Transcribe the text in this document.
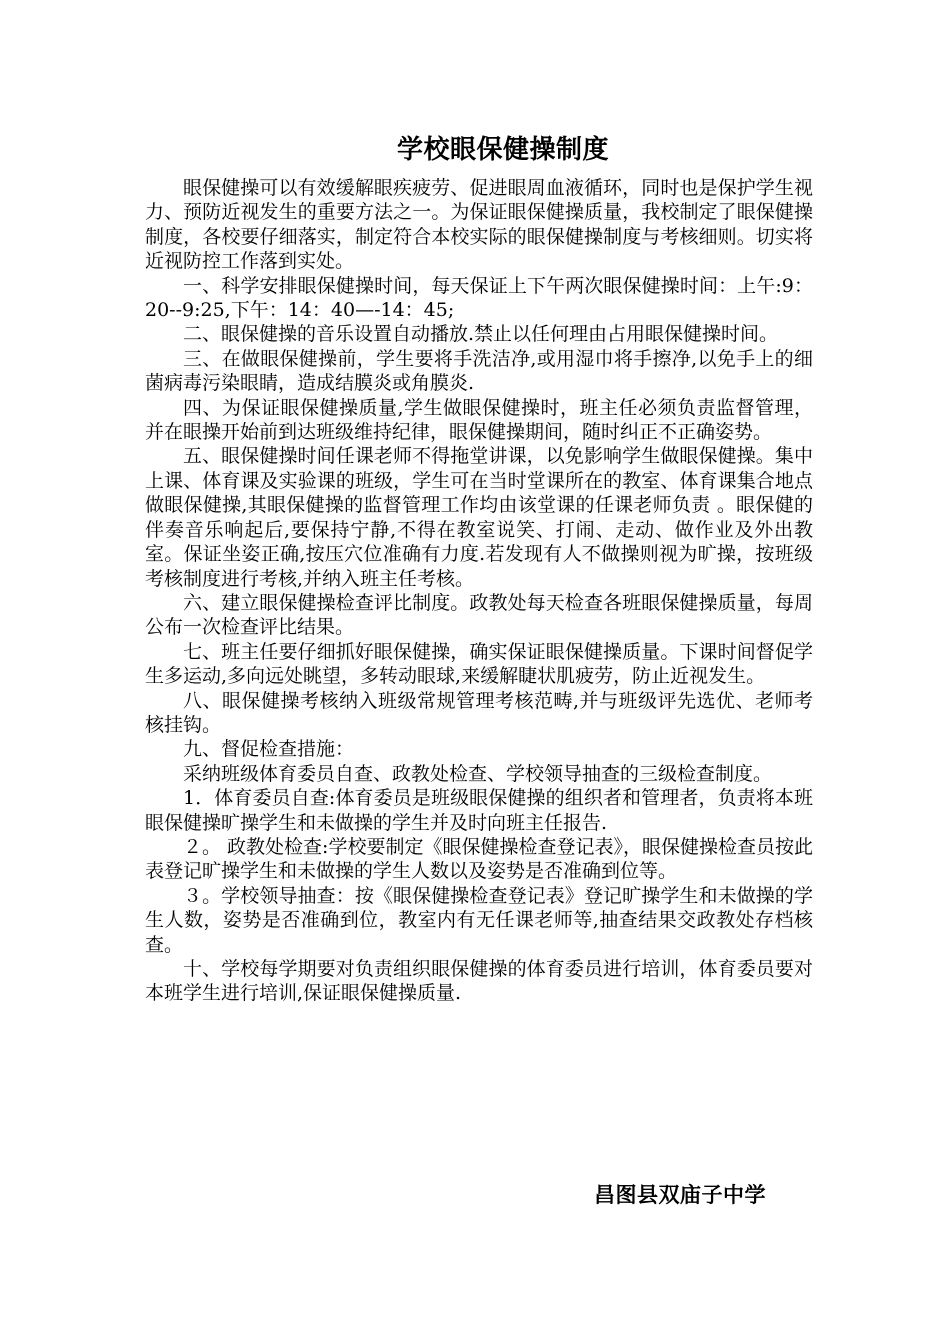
学校眼保健操制度

眼保健操可以有效缓解眼疾疲劳、促进眼周血液循环，同时也是保护学生视力、预防近视发生的重要方法之一。为保证眼保健操质量，我校制定了眼保健操制度，各校要仔细落实，制定符合本校实际的眼保健操制度与考核细则。切实将近视防控工作落到实处。

一、科学安排眼保健操时间，每天保证上下午两次眼保健操时间：上午:9：20--9:25,下午：14：40—-14：45;

二、眼保健操的音乐设置自动播放.禁止以任何理由占用眼保健操时间。

三、在做眼保健操前，学生要将手洗洁净,或用湿巾将手擦净,以免手上的细菌病毒污染眼睛，造成结膜炎或角膜炎.

四、为保证眼保健操质量,学生做眼保健操时，班主任必须负责监督管理，并在眼操开始前到达班级维持纪律，眼保健操期间，随时纠正不正确姿势。

五、眼保健操时间任课老师不得拖堂讲课，以免影响学生做眼保健操。集中上课、体育课及实验课的班级，学生可在当时堂课所在的教室、体育课集合地点做眼保健操,其眼保健操的监督管理工作均由该堂课的任课老师负责 。眼保健的伴奏音乐响起后,要保持宁静,不得在教室说笑、打闹、走动、做作业及外出教室。保证坐姿正确,按压穴位准确有力度.若发现有人不做操则视为旷操，按班级考核制度进行考核,并纳入班主任考核。

六、建立眼保健操检查评比制度。政教处每天检查各班眼保健操质量，每周公布一次检查评比结果。

七、班主任要仔细抓好眼保健操，确实保证眼保健操质量。下课时间督促学生多运动,多向远处眺望，多转动眼球,来缓解睫状肌疲劳，防止近视发生。

八、眼保健操考核纳入班级常规管理考核范畴,并与班级评先选优、老师考核挂钩。

九、督促检查措施：

采纳班级体育委员自查、政教处检查、学校领导抽查的三级检查制度。

1．体育委员自查:体育委员是班级眼保健操的组织者和管理者，负责将本班眼保健操旷操学生和未做操的学生并及时向班主任报告.

２。 政教处检查:学校要制定《眼保健操检查登记表》，眼保健操检查员按此表登记旷操学生和未做操的学生人数以及姿势是否准确到位等。

３。学校领导抽查：按《眼保健操检查登记表》登记旷操学生和未做操的学生人数，姿势是否准确到位，教室内有无任课老师等,抽查结果交政教处存档核查。

十、学校每学期要对负责组织眼保健操的体育委员进行培训，体育委员要对本班学生进行培训,保证眼保健操质量.

昌图县双庙子中学
